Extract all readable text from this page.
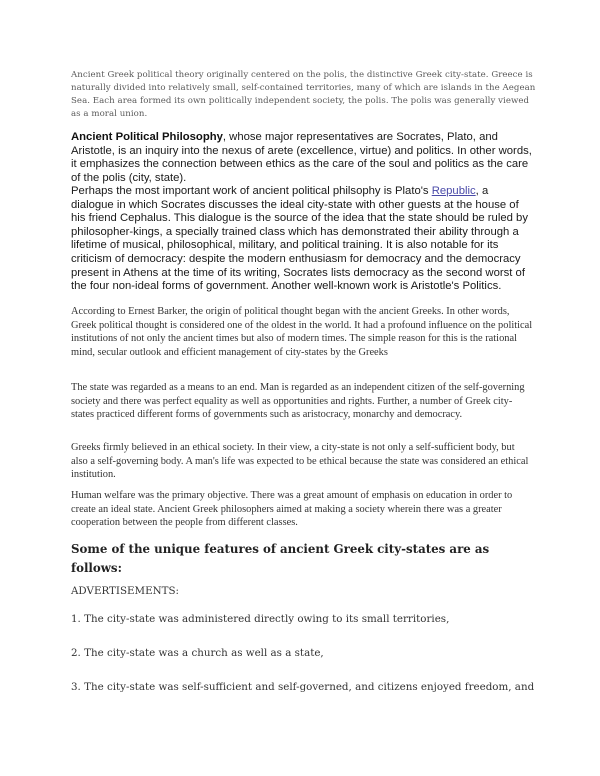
Ancient Greek political theory originally centered on the polis, the distinctive Greek city-state. Greece is naturally divided into relatively small, self-contained territories, many of which are islands in the Aegean Sea. Each area formed its own politically independent society, the polis. The polis was generally viewed as a moral union.

Ancient Political Philosophy, whose major representatives are Socrates, Plato, and Aristotle, is an inquiry into the nexus of arete (excellence, virtue) and politics. In other words, it emphasizes the connection between ethics as the care of the soul and politics as the care of the polis (city, state).

Perhaps the most important work of ancient political philsophy is Plato's Republic, a dialogue in which Socrates discusses the ideal city-state with other guests at the house of his friend Cephalus. This dialogue is the source of the idea that the state should be ruled by philosopher-kings, a specially trained class which has demonstrated their ability through a lifetime of musical, philosophical, military, and political training. It is also notable for its criticism of democracy: despite the modern enthusiasm for democracy and the democracy present in Athens at the time of its writing, Socrates lists democracy as the second worst of the four non-ideal forms of government. Another well-known work is Aristotle's Politics.

According to Ernest Barker, the origin of political thought began with the ancient Greeks. In other words, Greek political thought is considered one of the oldest in the world. It had a profound influence on the political institutions of not only the ancient times but also of modern times. The simple reason for this is the rational mind, secular outlook and efficient management of city-states by the Greeks

The state was regarded as a means to an end. Man is regarded as an independent citizen of the self-governing society and there was perfect equality as well as opportunities and rights. Further, a number of Greek city-states practiced different forms of governments such as aristocracy, monarchy and democracy.

Greeks firmly believed in an ethical society. In their view, a city-state is not only a self-sufficient body, but also a self-governing body. A man's life was expected to be ethical because the state was considered an ethical institution.

Human welfare was the primary objective. There was a great amount of emphasis on education in order to create an ideal state. Ancient Greek philosophers aimed at making a society wherein there was a greater cooperation between the people from different classes.

Some of the unique features of ancient Greek city-states are as follows:

ADVERTISEMENTS:

1. The city-state was administered directly owing to its small territories,

2. The city-state was a church as well as a state,

3. The city-state was self-sufficient and self-governed, and citizens enjoyed freedom, and
